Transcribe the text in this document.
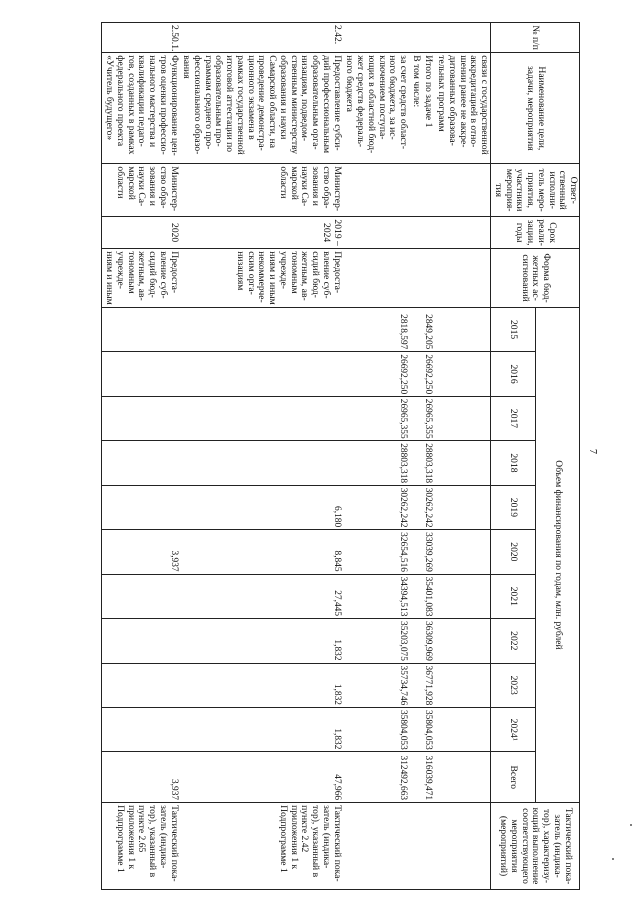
7
№ п/п	Наименование цели, задачи, мероприятия	Ответ-ственный исполни-тель меро-приятия, участники мероприя-тия	Срок реали-зации, годы	Форма бюд-жетных ас-сигнований	Объем финансирования по годам, млн. рублей											Тактический пока-затель (индика-тор), характеризу-ющий выполнение соответствующего мероприятия (мероприятий)
					2015	2016	2017	2018	2019	2020	2021	2022	2023	2024¹	Всего	
	связи с государственной аккредитацией в отно-шении ранее не аккре-дитованных образова-тельных программ															
	Итого по задаче 1				2849,205	26692,250	26965,355	28803,318	30262,242	33039,269	35401,083	36309,969	36771,928	35804,053	316039,471	
	В том числе:															
	за счет средств област-ного бюджета, за ис-ключением поступа-ющих в областной бюд-жет средств федераль-ного бюджета				2818,597	26692,250	26965,355	28803,318	30262,242	32654,516	34394,513	35203,075	35734,746	35804,053	312492,663	
2.42.	Предоставление субси-дий профессиональным образовательным орга-низациям, подведом-ственным министерству образования и науки Самарской области, на проведение демонстра-ционного экзамена в рамках государственной итоговой аттестации по образовательным про-граммам среднего про-фессионального образо-вания	Министер-ство обра-зования и науки Са-марской области	2019 – 2024	Предоста-вление суб-сидий бюд-жетным, ав-тономным учрежде-ниям и иным некоммерче-ским орга-низациям					6,180	8,845	27,445	1,832	1,832	1,832	47,966	Тактический пока-затель (индика-тор), указанный в пункте 2.42 приложения 1 к Подпрограмме 1
2.50.1.	Функционирование цен-тров оценки профессио-нального мастерства и квалификации педаго-гов, созданных в рамках федерального проекта «Учитель будущего»	Министер-ство обра-зования и науки Са-марской области	2020	Предоста-вление суб-сидий бюд-жетным, ав-тономным учрежде-ниям и иным						3,937					3,937	Тактический пока-затель (индика-тор), указанный в пункте 2.65 приложения 1 к Подпрограмме 1
